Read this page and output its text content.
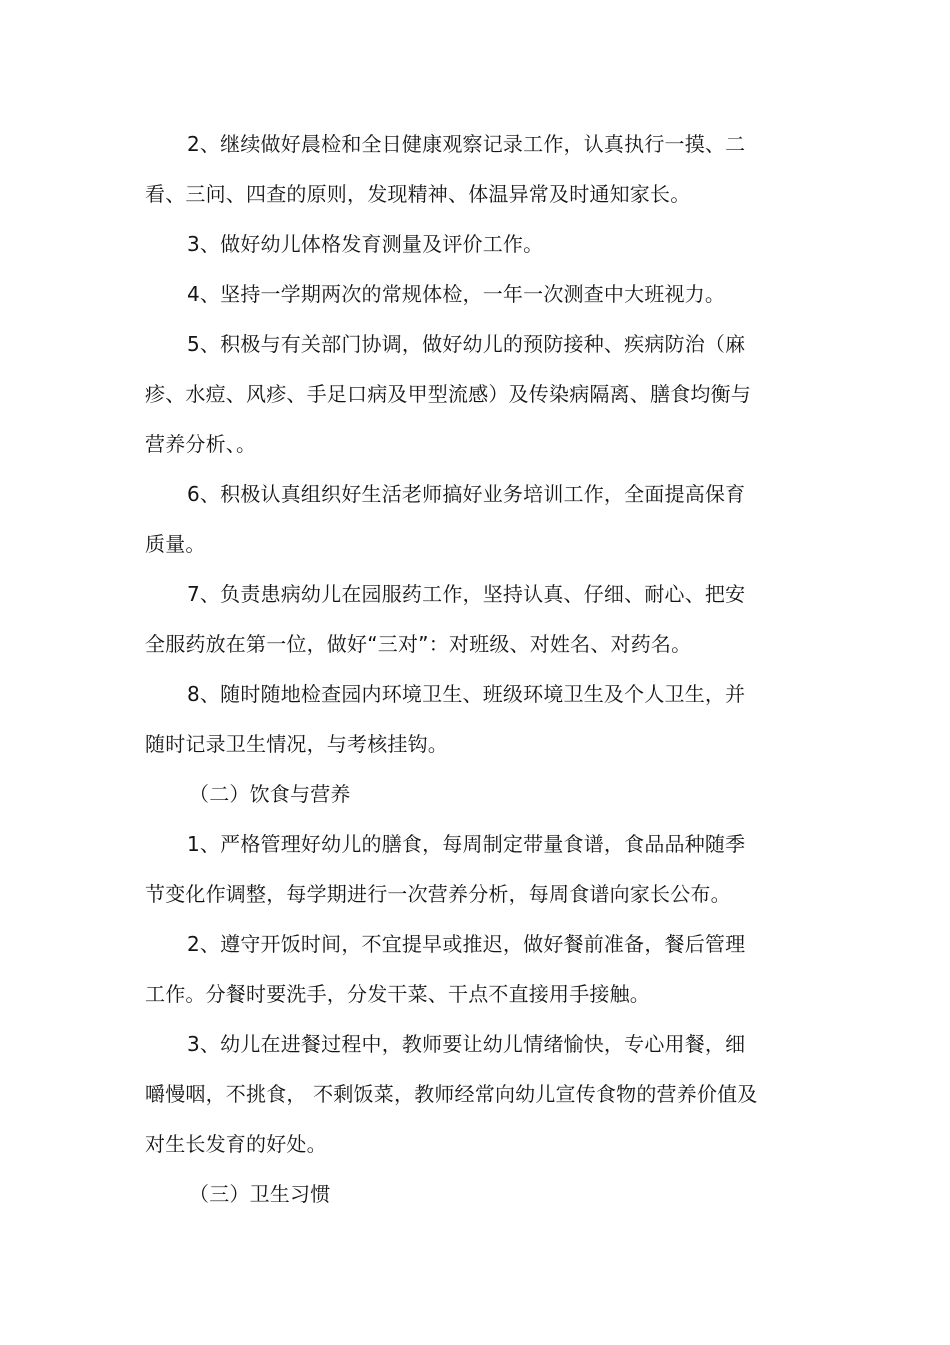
2、继续做好晨检和全日健康观察记录工作，认真执行一摸、二
看、三问、四查的原则，发现精神、体温异常及时通知家长。
3、做好幼儿体格发育测量及评价工作。
4、坚持一学期两次的常规体检，一年一次测查中大班视力。
5、积极与有关部门协调，做好幼儿的预防接种、疾病防治（麻
疹、水痘、风疹、手足口病及甲型流感）及传染病隔离、膳食均衡与
营养分析、。
6、积极认真组织好生活老师搞好业务培训工作，全面提高保育
质量。
7、负责患病幼儿在园服药工作，坚持认真、仔细、耐心、把安
全服药放在第一位，做好“三对”：对班级、对姓名、对药名。
8、随时随地检查园内环境卫生、班级环境卫生及个人卫生，并
随时记录卫生情况，与考核挂钩。
（二）饮食与营养
1、严格管理好幼儿的膳食，每周制定带量食谱，食品品种随季
节变化作调整，每学期进行一次营养分析，每周食谱向家长公布。
2、遵守开饭时间，不宜提早或推迟，做好餐前准备，餐后管理
工作。分餐时要洗手，分发干菜、干点不直接用手接触。
3、幼儿在进餐过程中，教师要让幼儿情绪愉快，专心用餐，细
嚼慢咽，不挑食， 不剩饭菜，教师经常向幼儿宣传食物的营养价值及
对生长发育的好处。
（三）卫生习惯
